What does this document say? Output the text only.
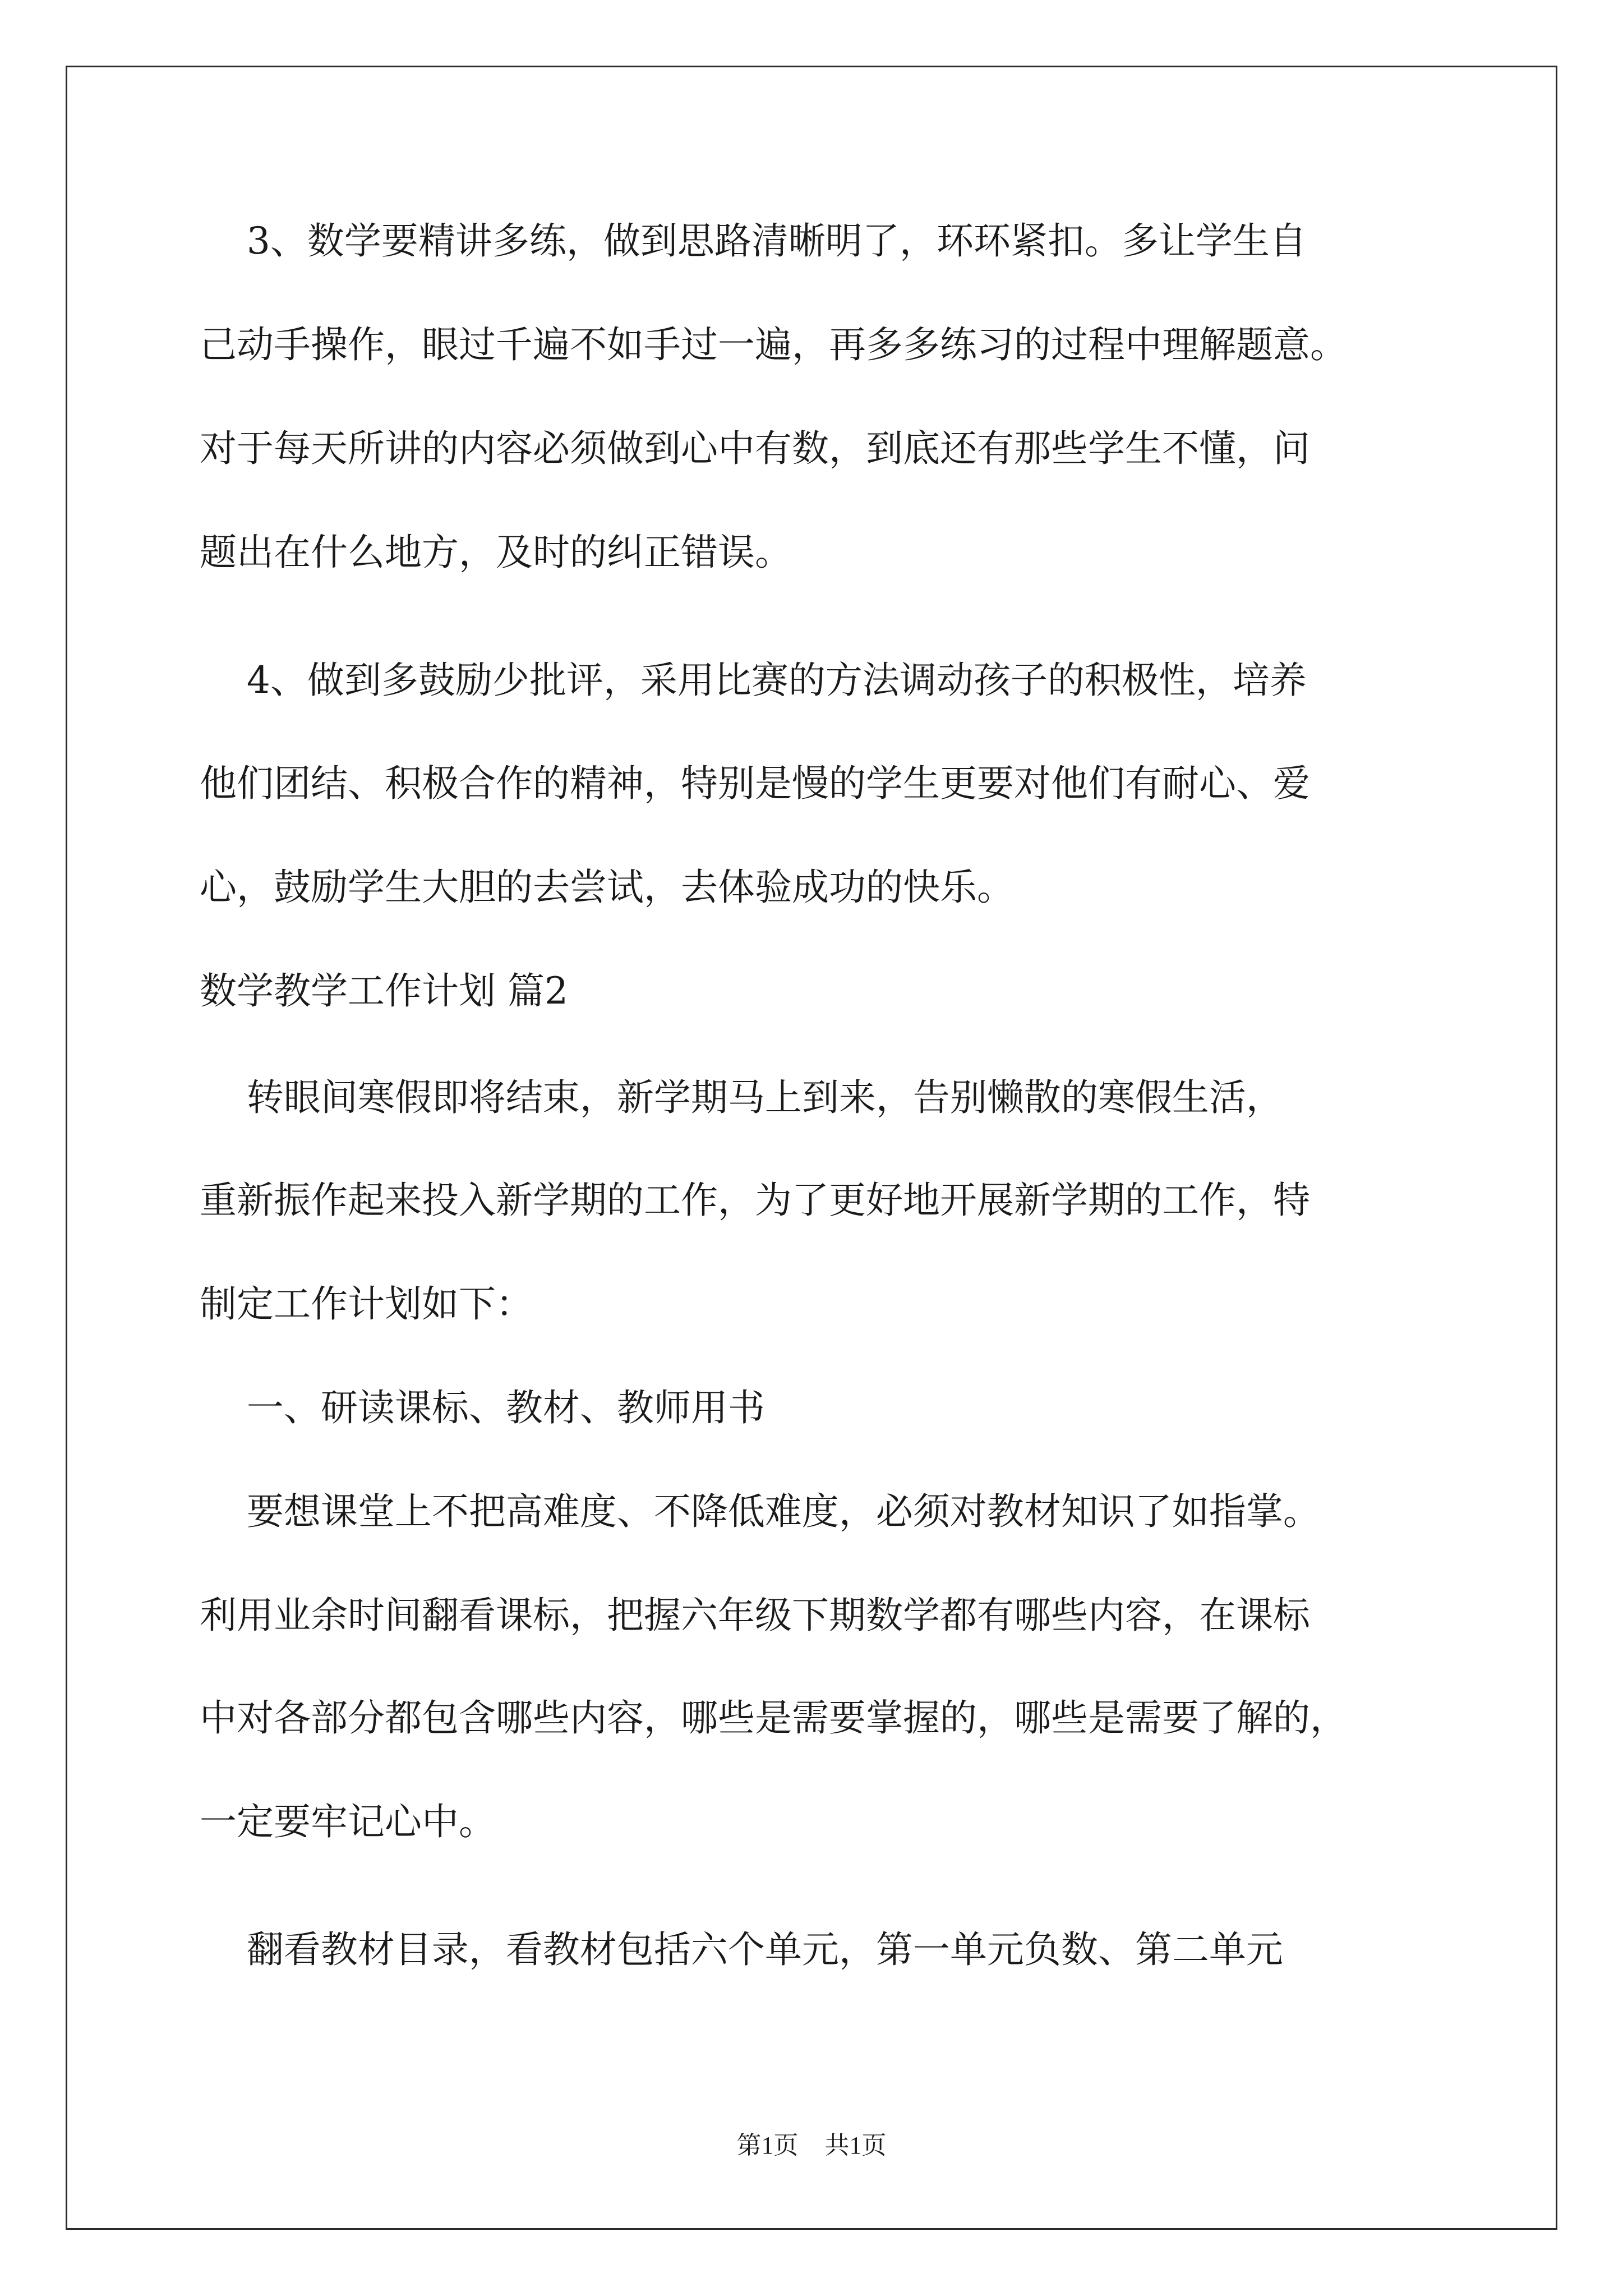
3、数学要精讲多练，做到思路清晰明了，环环紧扣。多让学生自
己动手操作，眼过千遍不如手过一遍，再多多练习的过程中理解题意。
对于每天所讲的内容必须做到心中有数，到底还有那些学生不懂，问
题出在什么地方，及时的纠正错误。
4、做到多鼓励少批评，采用比赛的方法调动孩子的积极性，培养
他们团结、积极合作的精神，特别是慢的学生更要对他们有耐心、爱
心，鼓励学生大胆的去尝试，去体验成功的快乐。
数学教学工作计划 篇2
转眼间寒假即将结束，新学期马上到来，告别懒散的寒假生活，
重新振作起来投入新学期的工作，为了更好地开展新学期的工作，特
制定工作计划如下：
一、研读课标、教材、教师用书
要想课堂上不把高难度、不降低难度，必须对教材知识了如指掌。
利用业余时间翻看课标，把握六年级下期数学都有哪些内容，在课标
中对各部分都包含哪些内容，哪些是需要掌握的，哪些是需要了解的，
一定要牢记心中。
翻看教材目录，看教材包括六个单元，第一单元负数、第二单元
第1页 共1页
